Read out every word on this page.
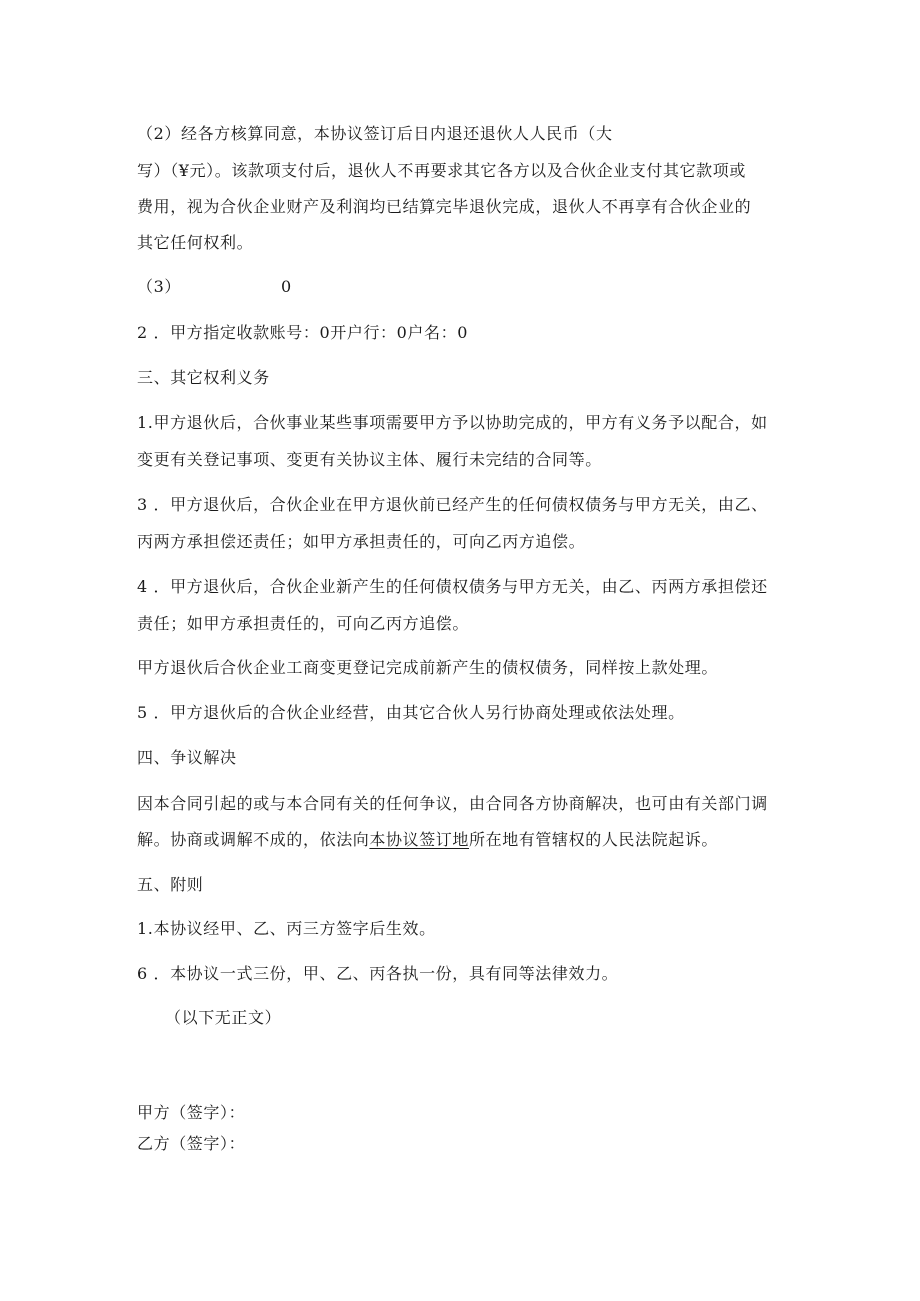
（2）经各方核算同意，本协议签订后日内退还退伙人人民币（大
写）（¥元）。该款项支付后，退伙人不再要求其它各方以及合伙企业支付其它款项或
费用，视为合伙企业财产及利润均已结算完毕退伙完成，退伙人不再享有合伙企业的
其它任何权利。
（3）	0
2 ．甲方指定收款账号：0开户行：0户名：0
三、其它权利义务
1.甲方退伙后，合伙事业某些事项需要甲方予以协助完成的，甲方有义务予以配合，如
变更有关登记事项、变更有关协议主体、履行未完结的合同等。
3 ．甲方退伙后，合伙企业在甲方退伙前已经产生的任何债权债务与甲方无关，由乙、
丙两方承担偿还责任；如甲方承担责任的，可向乙丙方追偿。
4 ．甲方退伙后，合伙企业新产生的任何债权债务与甲方无关，由乙、丙两方承担偿还
责任；如甲方承担责任的，可向乙丙方追偿。
甲方退伙后合伙企业工商变更登记完成前新产生的债权债务，同样按上款处理。
5 ．甲方退伙后的合伙企业经营，由其它合伙人另行协商处理或依法处理。
四、争议解决
因本合同引起的或与本合同有关的任何争议，由合同各方协商解决，也可由有关部门调
解。协商或调解不成的，依法向本协议签订地所在地有管辖权的人民法院起诉。
五、附则
1.本协议经甲、乙、丙三方签字后生效。
6 ．本协议一式三份，甲、乙、丙各执一份，具有同等法律效力。
（以下无正文）
甲方（签字）：
乙方（签字）：
